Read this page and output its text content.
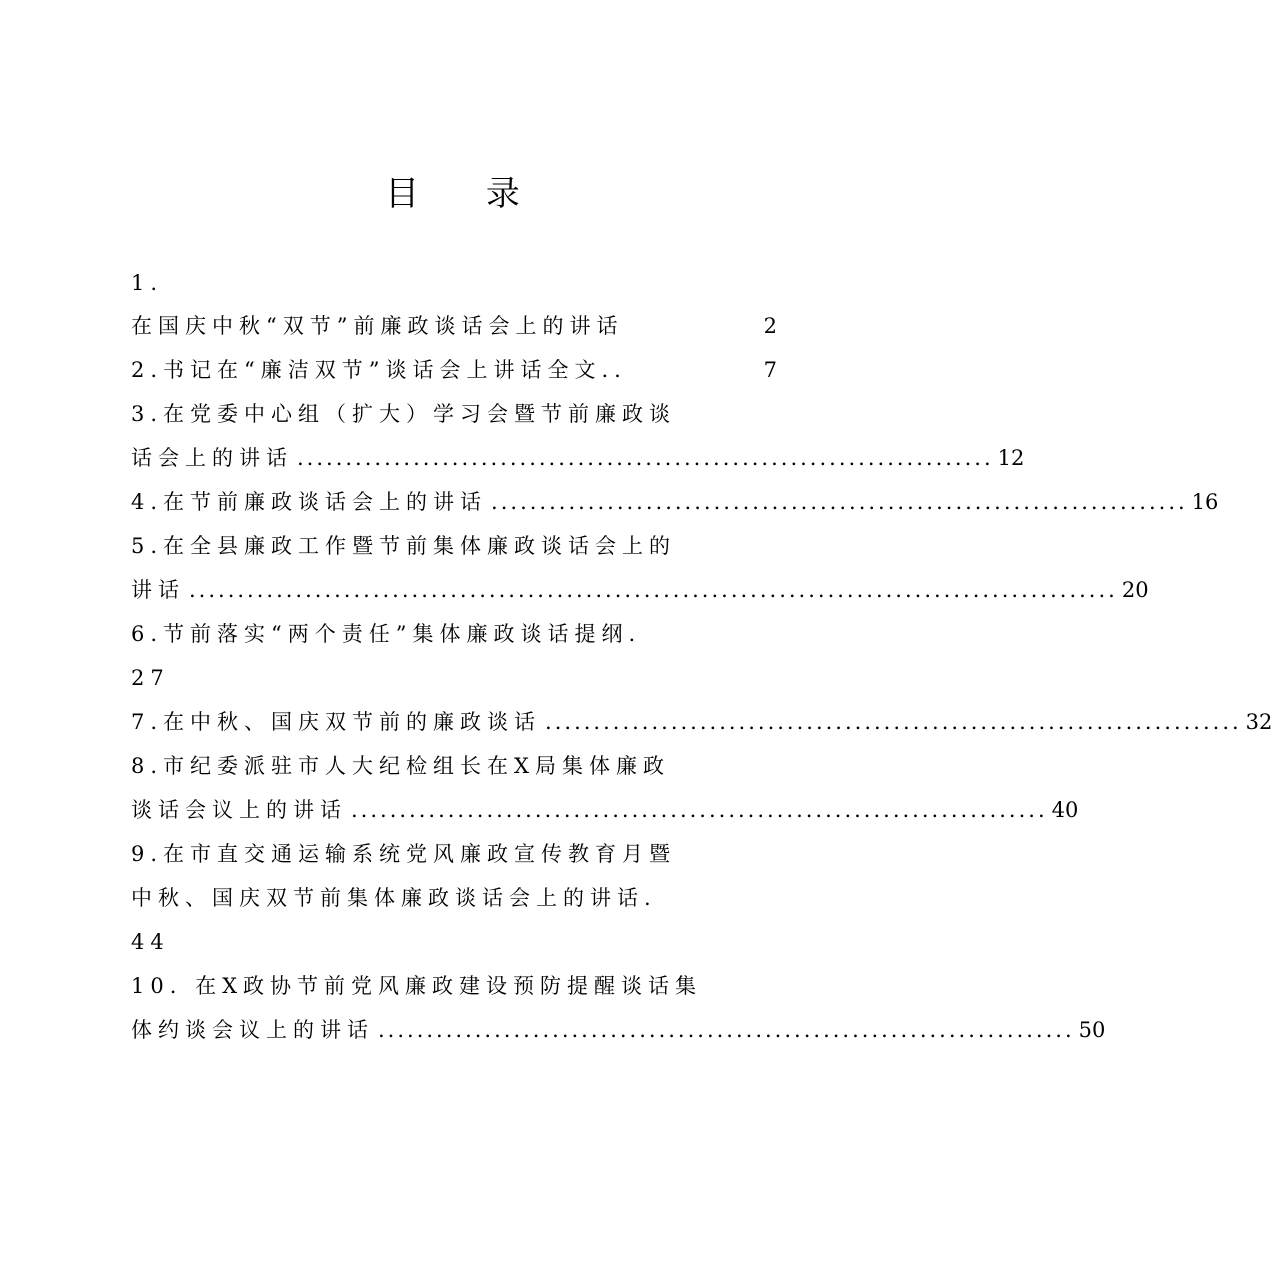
目 录
1.
在国庆中秋“双节”前廉政谈话会上的讲话	2
2.书记在“廉洁双节”谈话会上讲话全文..	7
3.在党委中心组（扩大）学习会暨节前廉政谈
话会上的讲话 ........................................................................ 12
4.在节前廉政谈话会上的讲话 ........................................................................ 16
5.在全县廉政工作暨节前集体廉政谈话会上的
讲话 ................................................................................................ 20
6.节前落实“两个责任”集体廉政谈话提纲.
27
7.在中秋、国庆双节前的廉政谈话 ........................................................................ 32
8.市纪委派驻市人大纪检组长在X局集体廉政
谈话会议上的讲话 ........................................................................ 40
9.在市直交通运输系统党风廉政宣传教育月暨
中秋、国庆双节前集体廉政谈话会上的讲话.
44
10. 在X政协节前党风廉政建设预防提醒谈话集
体约谈会议上的讲话 ........................................................................ 50
